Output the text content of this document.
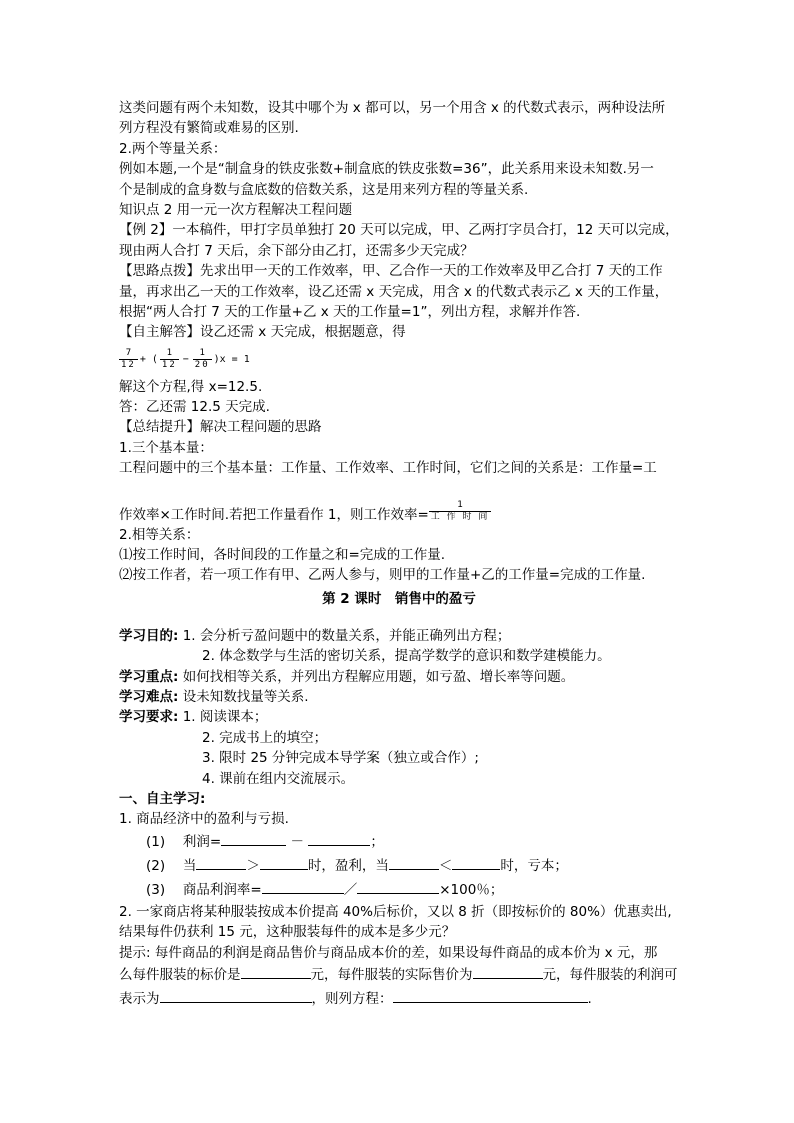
这类问题有两个未知数，设其中哪个为 x 都可以，另一个用含 x 的代数式表示，两种设法所
列方程没有繁简或难易的区别.
2.两个等量关系：
例如本题,一个是“制盒身的铁皮张数+制盒底的铁皮张数=36”，此关系用来设未知数.另一
个是制成的盒身数与盒底数的倍数关系，这是用来列方程的等量关系.
知识点 2 用一元一次方程解决工程问题
【例 2】一本稿件，甲打字员单独打 20 天可以完成，甲、乙两打字员合打，12 天可以完成，
现由两人合打 7 天后，余下部分由乙打，还需多少天完成？
【思路点拨】先求出甲一天的工作效率，甲、乙合作一天的工作效率及甲乙合打 7 天的工作
量，再求出乙一天的工作效率，设乙还需 x 天完成，用含 x 的代数式表示乙 x 天的工作量，
根据“两人合打 7 天的工作量+乙 x 天的工作量=1”，列出方程，求解并作答.
【自主解答】设乙还需 x 天完成，根据题意，得
$\frac{7}{12}$ + ( $\frac{1}{12} - \frac{1}{20} )x = 1$
解这个方程,得 x=12.5.
答：乙还需 12.5 天完成.
【总结提升】解决工程问题的思路
1.三个基本量：
工程问题中的三个基本量：工作量、工作效率、工作时间，它们之间的关系是：工作量=工
作效率×工作时间.若把工作量看作 1，则工作效率= $\frac{1}{\text{工 作 时 间}}$
2.相等关系：
⑴按工作时间，各时间段的工作量之和=完成的工作量.
⑵按工作者，若一项工作有甲、乙两人参与，则甲的工作量+乙的工作量=完成的工作量.
第 2 课时　销售中的盈亏
学习目的: 1. 会分析亏盈问题中的数量关系，并能正确列出方程；
2. 体念数学与生活的密切关系，提高学数学的意识和数学建模能力。
学习重点: 如何找相等关系，并列出方程解应用题，如亏盈、增长率等问题。
学习难点: 设未知数找量等关系.
学习要求: 1. 阅读课本；
2. 完成书上的填空；
3. 限时 25 分钟完成本导学案（独立或合作）;
4. 课前在组内交流展示。
一、自主学习:
1. 商品经济中的盈利与亏损.
(1)　 利润=	－	；
(2)　 当	＞	时，盈利，当	＜	时，亏本；
(3)　 商品利润率=	／	×100％；
2. 一家商店将某种服装按成本价提高 40%后标价，又以 8 折（即按标价的 80%）优惠卖出,
结果每件仍获利 15 元，这种服装每件的成本是多少元？
提示: 每件商品的利润是商品售价与商品成本价的差，如果设每件商品的成本价为 x 元，那
么每件服装的标价是	元，每件服装的实际售价为	元，每件服装的利润可
表示为	，则列方程：	.
